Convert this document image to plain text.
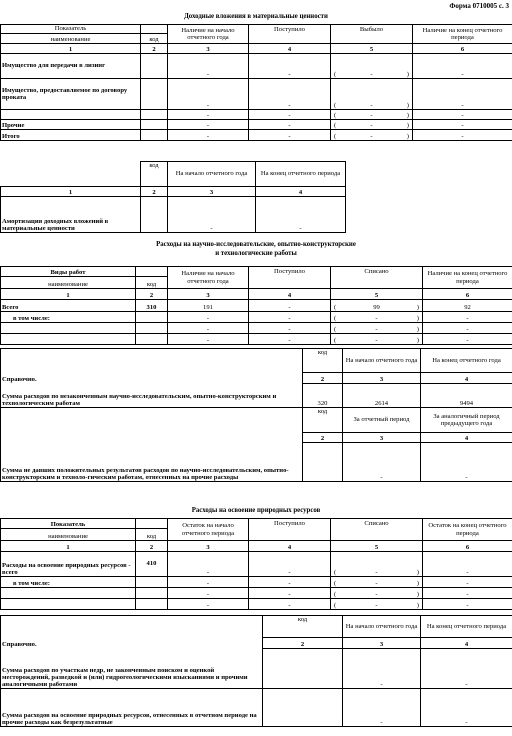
Форма 0710005 с. 3
Доходные вложения в материальные ценности
Показатель		Наличие на начало отчетного года	Поступило	Выбыло	Наличие на конец отчетного периода
наименование	код				
1	2	3	4	5	6
Имущество для передачи в лизинг		-	-	( - )	-
Имущество, предоставляемое по договору проката		-	-	( - )	-
		-	-	( - )	-
Прочие		-	-	( - )	-
Итого		-	-	( - )	-
	код	На начало отчетного года	На конец отчетного периода
1	2	3	4
Амортизация доходных вложений в материальные ценности		-	-
Расходы на научно-исследовательские, опытно-конструкторские
и технологические работы
Виды работ		Наличие на начало отчетного года	Поступило	Списано	Наличие на конец отчетного периода
наименование	код				
1	2	3	4	5	6
Всего	310	191	-	( 99 )	92
в том числе:		-	-	( - )	-
		-	-	( - )	-
		-	-	( - )	-
	код	На начало отчетного года	На конец отчетного года
Справочно.	2	3	4
Сумма расходов по незаконченным научно-исследовательским, опытно-конструкторским и технологическим работам	320	2614	9494
	код	За отчетный период	За аналогичный период предыдущего года
	2	3	4
Сумма не давших положительных результатов расходов по научно-исследовательским, опытно-конструкторским и техноло-гическим работам, отнесенных на прочие расходы		-	-
Расходы на освоение природных ресурсов
Показатель		Остаток на начало отчетного периода	Поступило	Списано	Остаток на конец отчетного периода
наименование	код				
1	2	3	4	5	6
Расходы на освоение природных ресурсов - всего	410	-	-	( - )	-
в том числе:		-	-	( - )	-
		-	-	( - )	-
		-	-	( - )	-
	код	На начало отчетного года	На конец отчетного периода
Справочно.	2	3	4
Сумма расходов по участкам недр, не законченным поиском и оценкой месторождений, разведкой и (или) гидрогеологическими изысканиями и прочими аналогичными работами		-	-
Сумма расходов на освоение природных ресурсов, отнесенных в отчетном периоде на прочие расходы как безрезультатные		-	-
